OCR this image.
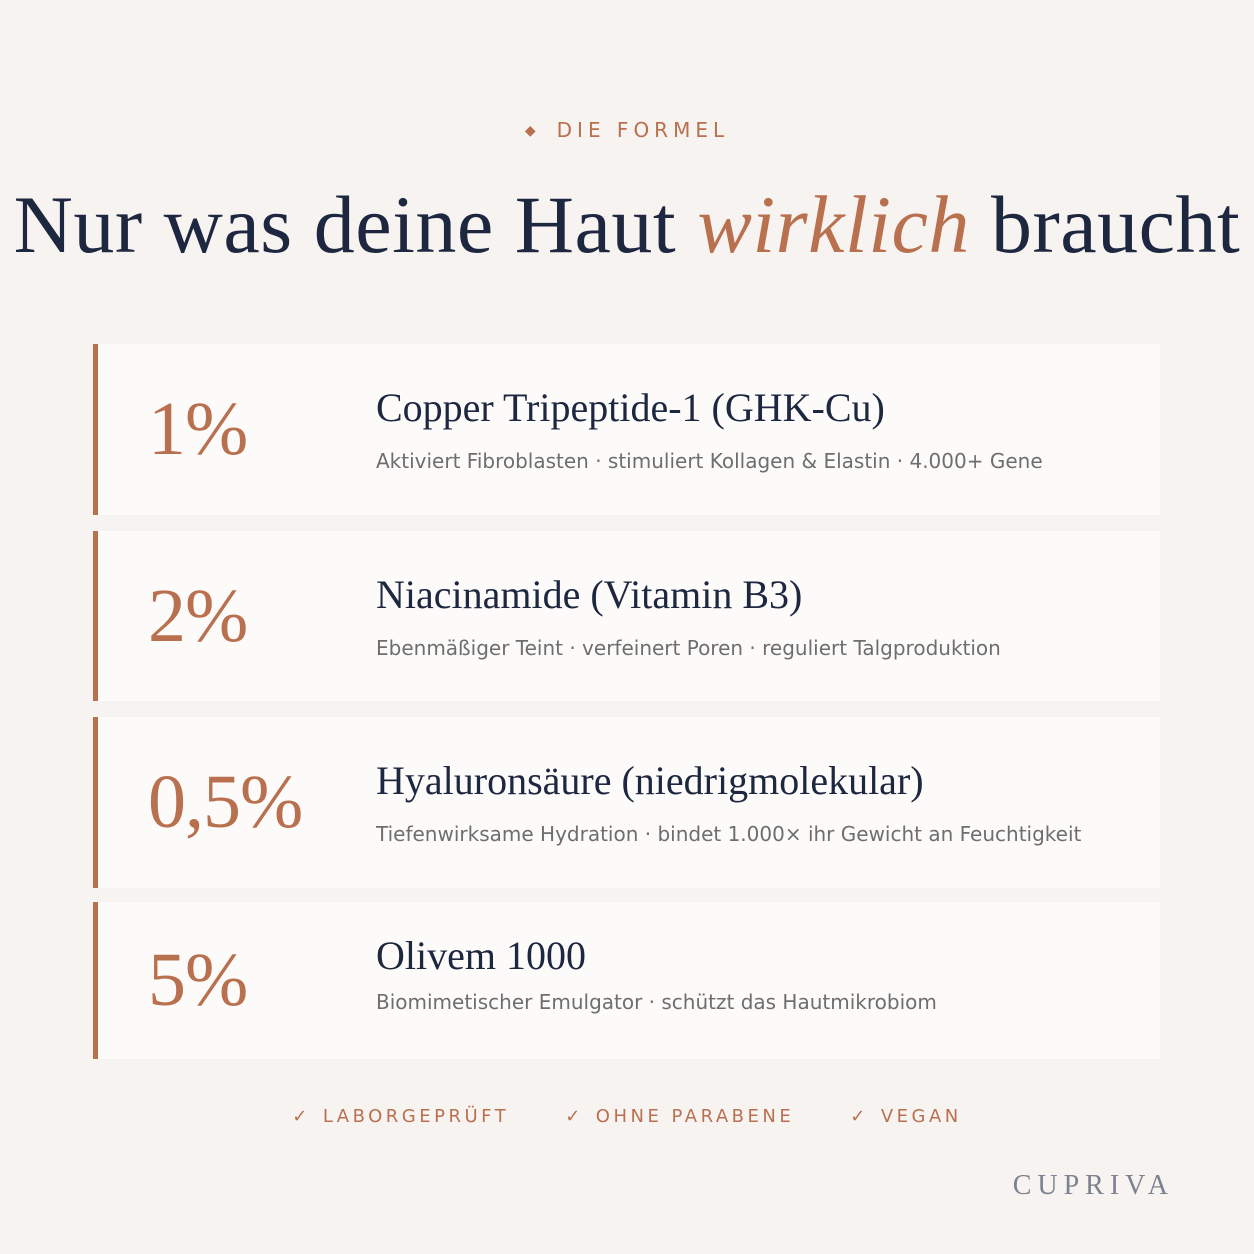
◆ DIE FORMEL
Nur was deine Haut wirklich braucht
1%	Copper Tripeptide-1 (GHK-Cu)
Aktiviert Fibroblasten · stimuliert Kollagen & Elastin · 4.000+ Gene
2%	Niacinamide (Vitamin B3)
Ebenmäßiger Teint · verfeinert Poren · reguliert Talgproduktion
0,5% Hyaluronsäure (niedrigmolekular)
Tiefenwirksame Hydration · bindet 1.000× ihr Gewicht an Feuchtigkeit
5%	Olivem 1000
Biomimetischer Emulgator · schützt das Hautmikrobiom
✓ LABORGEPRÜFT	✓ OHNE PARABENE	✓ VEGAN
CUPRIVA
